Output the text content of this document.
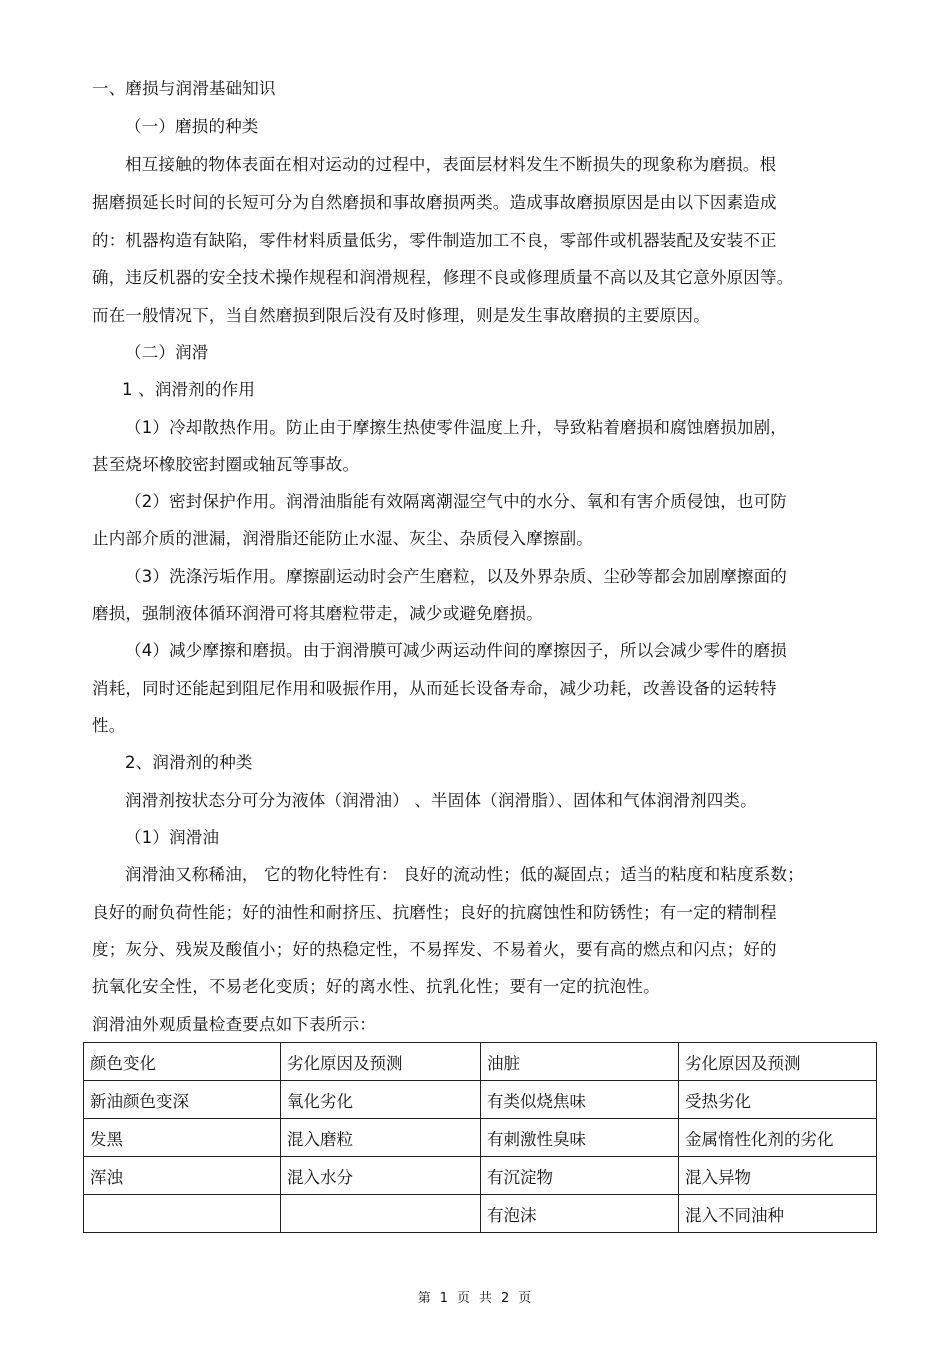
一、磨损与润滑基础知识
（一）磨损的种类
相互接触的物体表面在相对运动的过程中，表面层材料发生不断损失的现象称为磨损。根
据磨损延长时间的长短可分为自然磨损和事故磨损两类。造成事故磨损原因是由以下因素造成
的：机器构造有缺陷，零件材料质量低劣，零件制造加工不良，零部件或机器装配及安装不正
确，违反机器的安全技术操作规程和润滑规程，修理不良或修理质量不高以及其它意外原因等。
而在一般情况下，当自然磨损到限后没有及时修理，则是发生事故磨损的主要原因。
（二）润滑
1 、润滑剂的作用
（1）冷却散热作用。防止由于摩擦生热使零件温度上升，导致粘着磨损和腐蚀磨损加剧，
甚至烧坏橡胶密封圈或轴瓦等事故。
（2）密封保护作用。润滑油脂能有效隔离潮湿空气中的水分、氧和有害介质侵蚀，也可防
止内部介质的泄漏，润滑脂还能防止水湿、灰尘、杂质侵入摩擦副。
（3）洗涤污垢作用。摩擦副运动时会产生磨粒，以及外界杂质、尘砂等都会加剧摩擦面的
磨损，强制液体循环润滑可将其磨粒带走，减少或避免磨损。
（4）减少摩擦和磨损。由于润滑膜可减少两运动件间的摩擦因子，所以会减少零件的磨损
消耗，同时还能起到阻尼作用和吸振作用，从而延长设备寿命，减少功耗，改善设备的运转特
性。
2、润滑剂的种类
润滑剂按状态分可分为液体（润滑油） 、半固体（润滑脂）、固体和气体润滑剂四类。
（1）润滑油
润滑油又称稀油， 它的物化特性有： 良好的流动性；低的凝固点；适当的粘度和粘度系数；
良好的耐负荷性能；好的油性和耐挤压、抗磨性；良好的抗腐蚀性和防锈性；有一定的精制程
度；灰分、残炭及酸值小；好的热稳定性，不易挥发、不易着火，要有高的燃点和闪点；好的
抗氧化安全性，不易老化变质；好的离水性、抗乳化性；要有一定的抗泡性。
润滑油外观质量检查要点如下表所示：
颜色变化	劣化原因及预测	油脏	劣化原因及预测
新油颜色变深	氧化劣化	有类似烧焦味	受热劣化
发黑	混入磨粒	有刺激性臭味	金属惰性化剂的劣化
浑浊	混入水分	有沉淀物	混入异物
		有泡沫	混入不同油种
第 1 页 共 2 页
